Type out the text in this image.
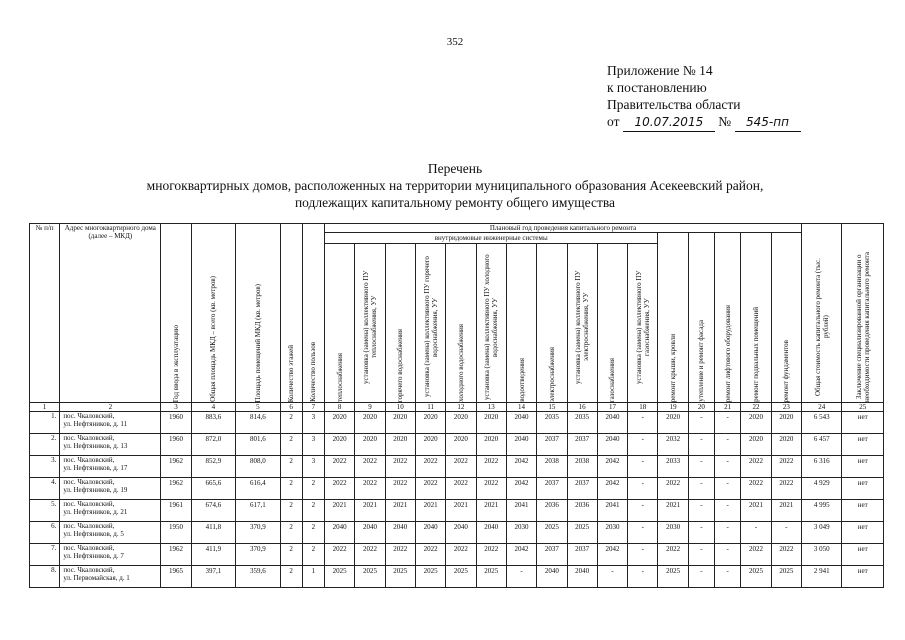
352
Приложение № 14
к постановлению
Правительства области
от 10.07.2015 № 545-пп
Перечень
многоквартирных домов, расположенных на территории муниципального образования Асекеевский район,
подлежащих капитальному ремонту общего имущества
№ п/п	Адрес многоквартирного дома (далее – МКД)	Год ввода в эксплуатацию	Общая площадь МКД – всего (кв. метров)	Площадь помещений МКД (кв. метров)	Количество этажей	Количество пользов	Плановый год проведения капитального ремонта																Общая стоимость капитального ремонта (тыс. рублей)	Заключение специализированной организации о необходимости проведения капитального ремонта

							внутридомовые инженерные системы											ремонт крыши, кровли	утепление и ремонт фасада	ремонт лифтового оборудования	ремонт подвальных помещений	ремонт фундаментов		

							теплоснабжения	установка (замена) коллективного ПУ теплоснабжения, УУ	горячего водоснабжения	установка (замена) коллективного ПУ горячего водоснабжения, УУ	холодного водоснабжения	установка (замена) коллективного ПУ холодного водоснабжения, УУ	водоотведения	электроснабжения	установка (замена) коллективного ПУ электроснабжения, УУ	газоснабжения	установка (замена) коллективного ПУ газоснабжения, УУ							

1	2	3	4	5	6	7	8	9	10	11	12	13	14	15	16	17	18	19	20	21	22	23	24	25
1.	пос. Чкаловский,
ул. Нефтяников, д. 11	1960	883,6	814,6	2	3	2020	2020	2020	2020	2020	2020	2040	2035	2035	2040	-	2020	-	-	2020	2020	6 543	нет
2.	пос. Чкаловский,
ул. Нефтяников, д. 13	1960	872,0	801,6	2	3	2020	2020	2020	2020	2020	2020	2040	2037	2037	2040	-	2032	-	-	2020	2020	6 457	нет
3.	пос. Чкаловский,
ул. Нефтяников, д. 17	1962	852,9	808,0	2	3	2022	2022	2022	2022	2022	2022	2042	2038	2038	2042	-	2033	-	-	2022	2022	6 316	нет
4.	пос. Чкаловский,
ул. Нефтяников, д. 19	1962	665,6	616,4	2	2	2022	2022	2022	2022	2022	2022	2042	2037	2037	2042	-	2022	-	-	2022	2022	4 929	нет
5.	пос. Чкаловский,
ул. Нефтяников, д. 21	1961	674,6	617,1	2	2	2021	2021	2021	2021	2021	2021	2041	2036	2036	2041	-	2021	-	-	2021	2021	4 995	нет
6.	пос. Чкаловский,
ул. Нефтяников, д. 5	1950	411,8	370,9	2	2	2040	2040	2040	2040	2040	2040	2030	2025	2025	2030	-	2030	-	-	-	-	3 049	нет
7.	пос. Чкаловский,
ул. Нефтяников, д. 7	1962	411,9	370,9	2	2	2022	2022	2022	2022	2022	2022	2042	2037	2037	2042	-	2022	-	-	2022	2022	3 050	нет
8.	пос. Чкаловский,
ул. Первомайская, д. 1	1965	397,1	359,6	2	1	2025	2025	2025	2025	2025	2025	-	2040	2040	-	-	2025	-	-	2025	2025	2 941	нет
